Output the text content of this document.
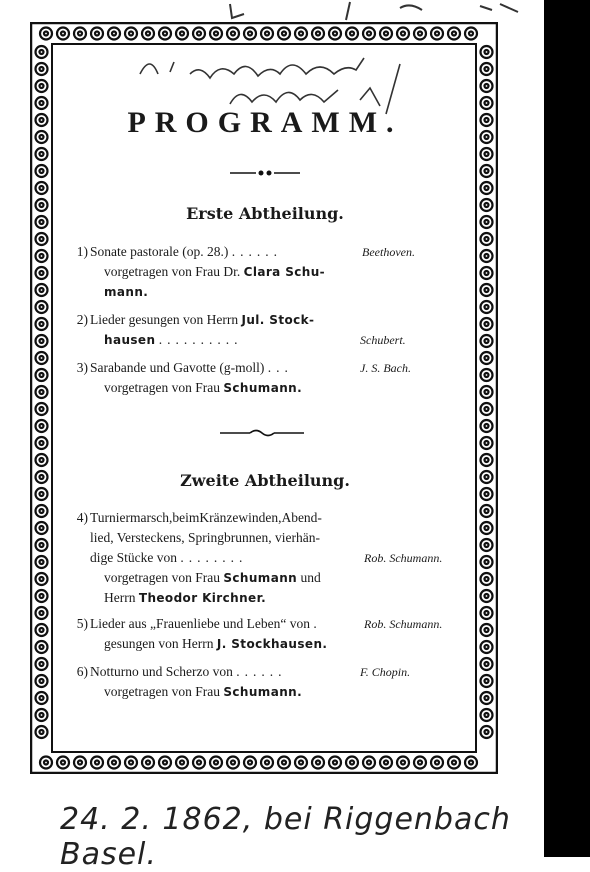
PROGRAMM.
Erste Abtheilung.
1) Sonate pastorale (op. 28.) ......
vorgetragen von Frau Dr. Clara Schu-
mann.
Beethoven.
2) Lieder gesungen von Herrn Jul. Stock-
hausen ..........	Schubert.
3) Sarabande und Gavotte (g-moll) ...
vorgetragen von Frau Schumann.
J. S. Bach.
Zweite Abtheilung.
4) Turniermarsch,beimKränzewinden,Abend-
lied, Versteckens, Springbrunnen, vierhän-
dige Stücke von ........
vorgetragen von Frau Schumann und
Herrn Theodor Kirchner.
Rob. Schumann.
5) Lieder aus „Frauenliebe und Leben“ von .
gesungen von Herrn J. Stockhausen.
Rob. Schumann.
6) Notturno und Scherzo von ......
vorgetragen von Frau Schumann.
F. Chopin.
24. 2. 1862, bei Riggenbach Basel.
